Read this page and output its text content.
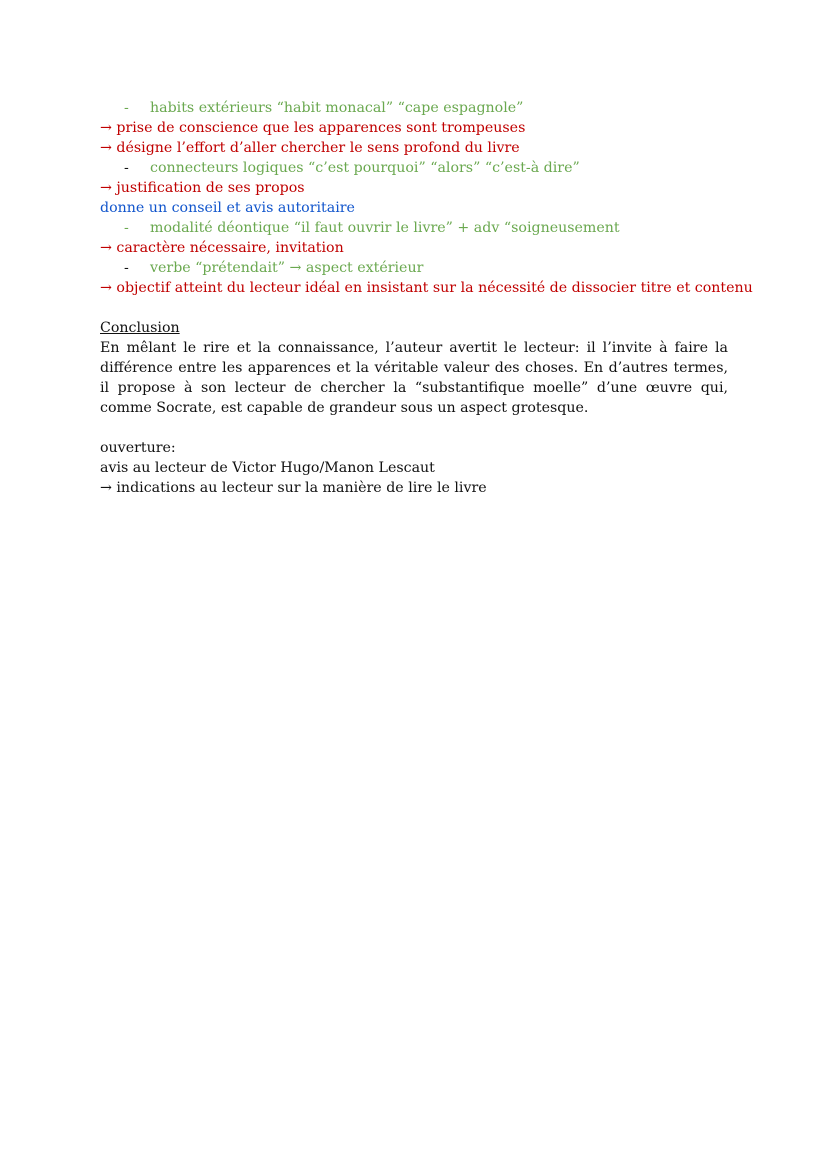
-	habits extérieurs “habit monacal” “cape espagnole”
→ prise de conscience que les apparences sont trompeuses
→ désigne l’effort d’aller chercher le sens profond du livre
-	connecteurs logiques “c’est pourquoi” “alors” “c’est-à dire”
→ justification de ses propos
donne un conseil et avis autoritaire
-	modalité déontique “il faut ouvrir le livre” + adv “soigneusement
→ caractère nécessaire, invitation
-	verbe “prétendait” → aspect extérieur
→ objectif atteint du lecteur idéal en insistant sur la nécessité de dissocier titre et contenu
Conclusion
En mêlant le rire et la connaissance, l’auteur avertit le lecteur: il l’invite à faire la différence entre les apparences et la véritable valeur des choses. En d’autres termes, il propose à son lecteur de chercher la “substantifique moelle” d’une œuvre qui, comme Socrate, est capable de grandeur sous un aspect grotesque.
ouverture:
avis au lecteur de Victor Hugo/Manon Lescaut
→ indications au lecteur sur la manière de lire le livre
